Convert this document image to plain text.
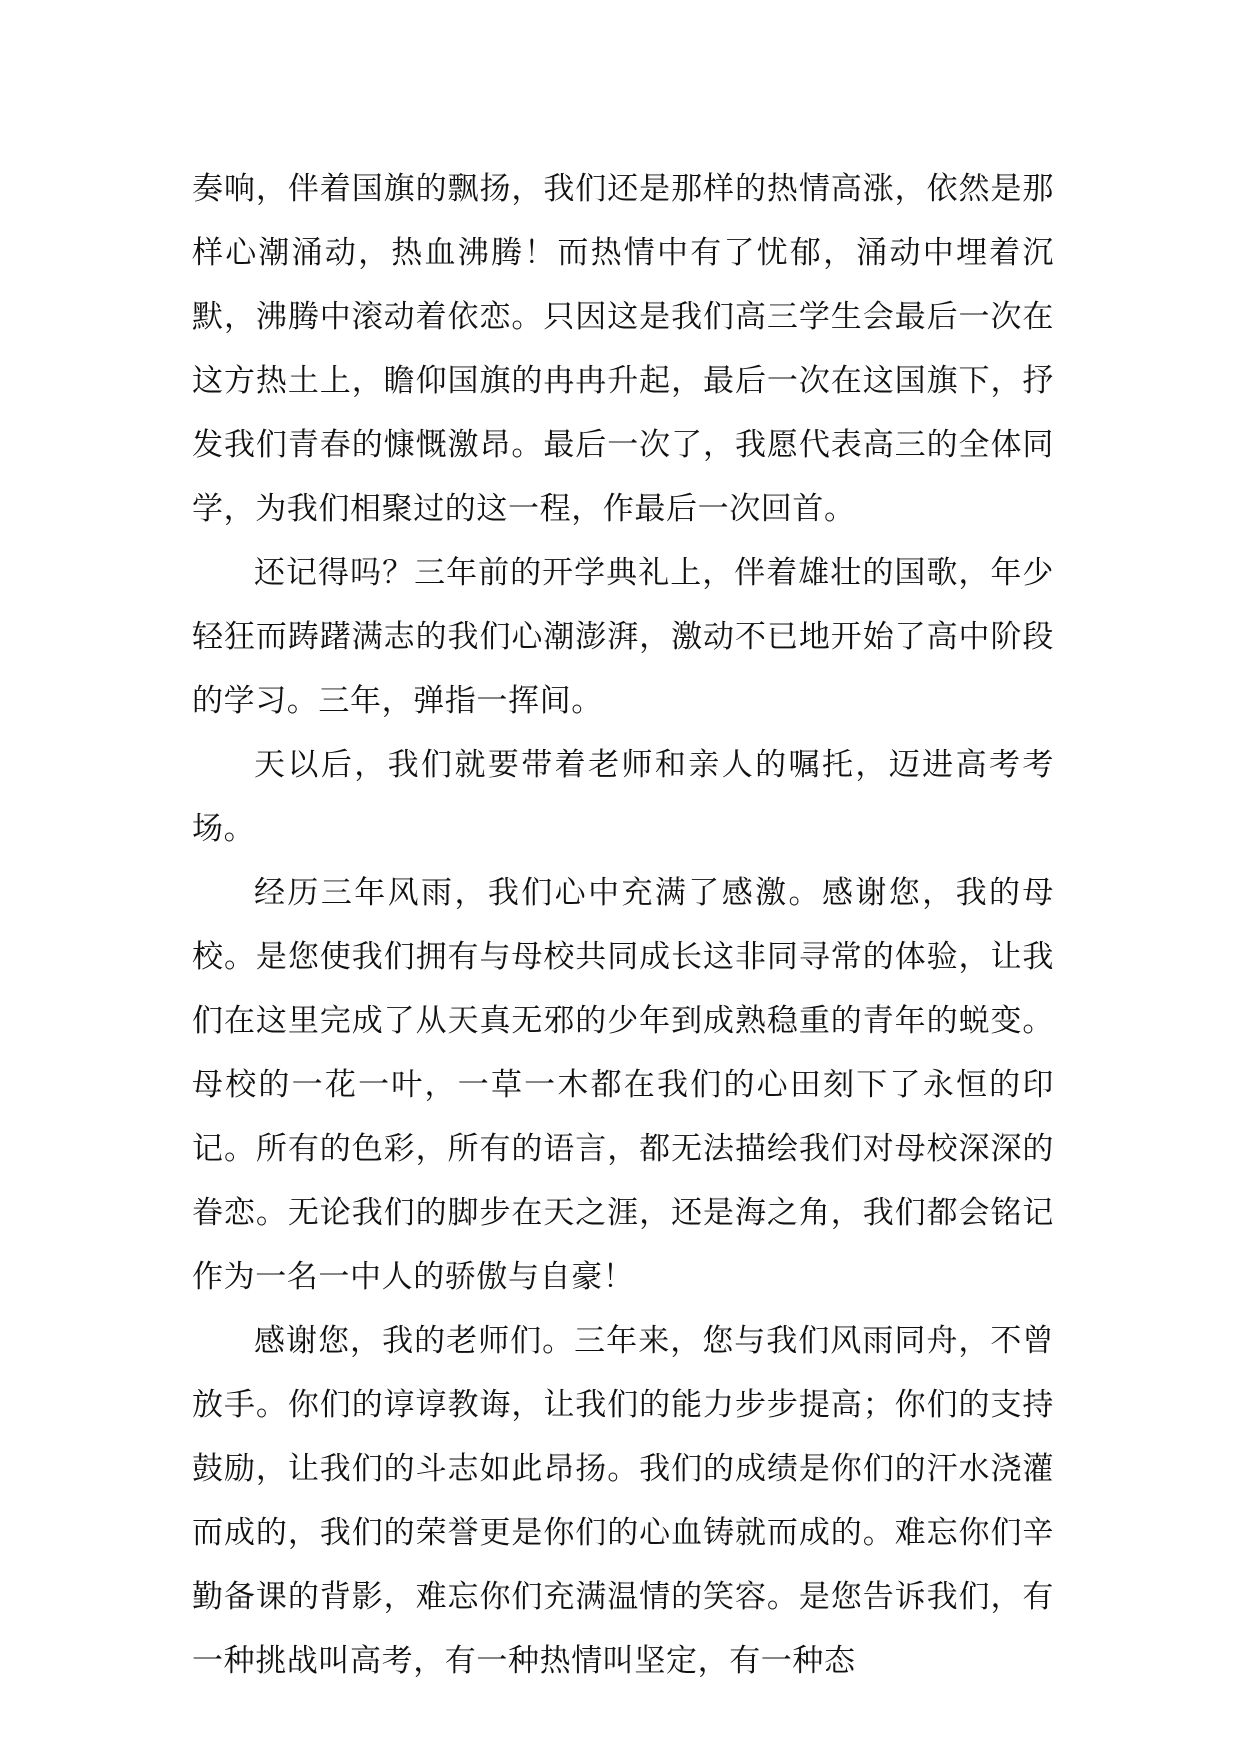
奏响，伴着国旗的飘扬，我们还是那样的热情高涨，依然是那样心潮涌动，热血沸腾！而热情中有了忧郁，涌动中埋着沉默，沸腾中滚动着依恋。只因这是我们高三学生会最后一次在这方热土上，瞻仰国旗的冉冉升起，最后一次在这国旗下，抒发我们青春的慷慨激昂。最后一次了，我愿代表高三的全体同学，为我们相聚过的这一程，作最后一次回首。

还记得吗？三年前的开学典礼上，伴着雄壮的国歌，年少轻狂而踌躇满志的我们心潮澎湃，激动不已地开始了高中阶段的学习。三年，弹指一挥间。

天以后，我们就要带着老师和亲人的嘱托，迈进高考考场。

经历三年风雨，我们心中充满了感激。感谢您，我的母校。是您使我们拥有与母校共同成长这非同寻常的体验，让我们在这里完成了从天真无邪的少年到成熟稳重的青年的蜕变。母校的一花一叶，一草一木都在我们的心田刻下了永恒的印记。所有的色彩，所有的语言，都无法描绘我们对母校深深的眷恋。无论我们的脚步在天之涯，还是海之角，我们都会铭记作为一名一中人的骄傲与自豪！

感谢您，我的老师们。三年来，您与我们风雨同舟，不曾放手。你们的谆谆教诲，让我们的能力步步提高；你们的支持鼓励，让我们的斗志如此昂扬。我们的成绩是你们的汗水浇灌而成的，我们的荣誉更是你们的心血铸就而成的。难忘你们辛勤备课的背影，难忘你们充满温情的笑容。是您告诉我们，有一种挑战叫高考，有一种热情叫坚定，有一种态
